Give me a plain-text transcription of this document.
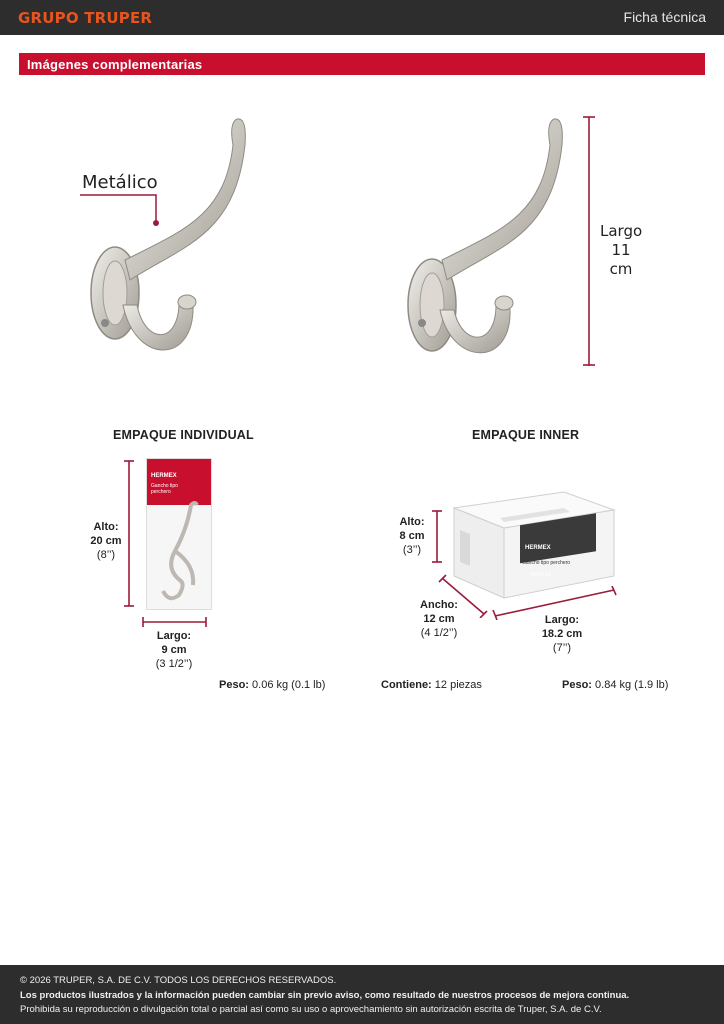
GRUPO TRUPER	Ficha técnica
Imágenes complementarias
Metálico
Largo
11 cm
EMPAQUE INDIVIDUAL
Alto:
20 cm
(8’’)
HERMEX
Gancho tipo perchero
Largo:
9 cm
(3 1/2’’)
Peso: 0.06 kg (0.1 lb)
EMPAQUE INNER
Alto:
8 cm
(3’’)	HERMEX
Gancho tipo perchero
PEPU-14
Ancho:
12 cm
(4 1/2’’)
Largo:
18.2 cm
(7’’)
Contiene: 12 piezas	Peso: 0.84 kg (1.9 lb)
© 2026 TRUPER, S.A. DE C.V. TODOS LOS DERECHOS RESERVADOS.
Los productos ilustrados y la información pueden cambiar sin previo aviso, como resultado de nuestros procesos de mejora continua.
Prohibida su reproducción o divulgación total o parcial así como su uso o aprovechamiento sin autorización escrita de Truper, S.A. de C.V.
